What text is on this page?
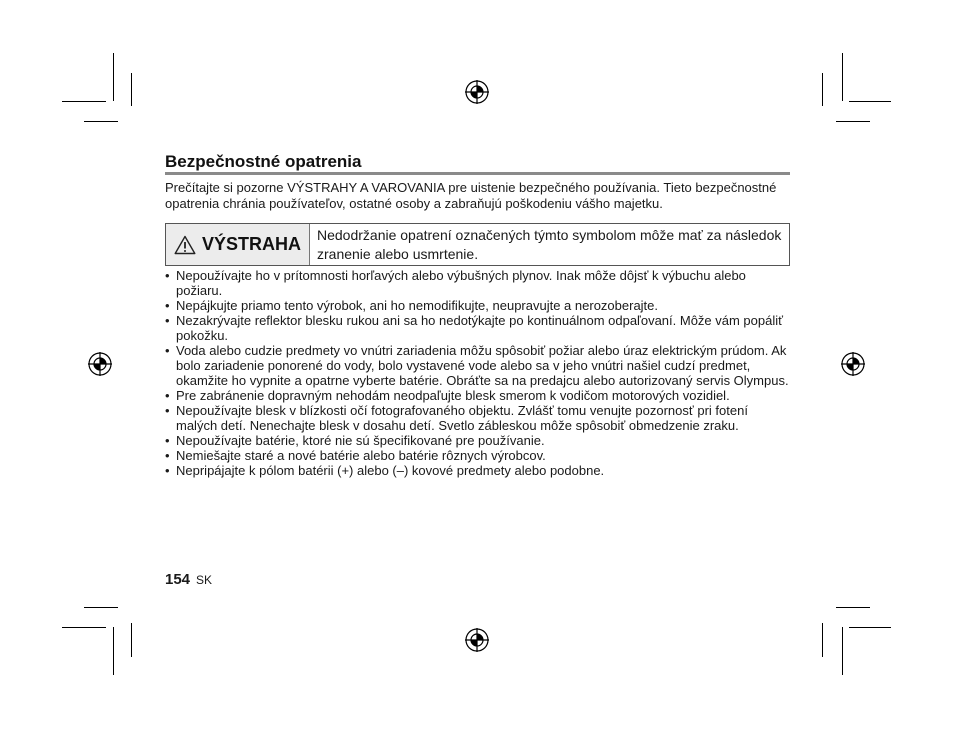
Bezpečnostné opatrenia

Prečítajte si pozorne VÝSTRAHY A VAROVANIA pre uistenie bezpečného používania. Tieto bezpečnostné opatrenia chránia používateľov, ostatné osoby a zabraňujú poškodeniu vášho majetku.

VÝSTRAHA	Nedodržanie opatrení označených týmto symbolom môže mať za následok zranenie alebo usmrtenie.
• Nepoužívajte ho v prítomnosti horľavých alebo výbušných plynov. Inak môže dôjsť k výbuchu alebo požiaru.
• Nepájkujte priamo tento výrobok, ani ho nemodifikujte, neupravujte a nerozoberajte.
• Nezakrývajte reflektor blesku rukou ani sa ho nedotýkajte po kontinuálnom odpaľovaní. Môže vám popáliť pokožku.
• Voda alebo cudzie predmety vo vnútri zariadenia môžu spôsobiť požiar alebo úraz elektrickým prúdom. Ak bolo zariadenie ponorené do vody, bolo vystavené vode alebo sa v jeho vnútri našiel cudzí predmet, okamžite ho vypnite a opatrne vyberte batérie. Obráťte sa na predajcu alebo autorizovaný servis Olympus.
• Pre zabránenie dopravným nehodám neodpaľujte blesk smerom k vodičom motorových vozidiel.
• Nepoužívajte blesk v blízkosti očí fotografovaného objektu. Zvlášť tomu venujte pozornosť pri fotení malých detí. Nenechajte blesk v dosahu detí. Svetlo zábleskou môže spôsobiť obmedzenie zraku.
• Nepoužívajte batérie, ktoré nie sú špecifikované pre používanie.
• Nemiešajte staré a nové batérie alebo batérie rôznych výrobcov.
• Nepripájajte k pólom batérii (+) alebo (–) kovové predmety alebo podobne.
154 SK
